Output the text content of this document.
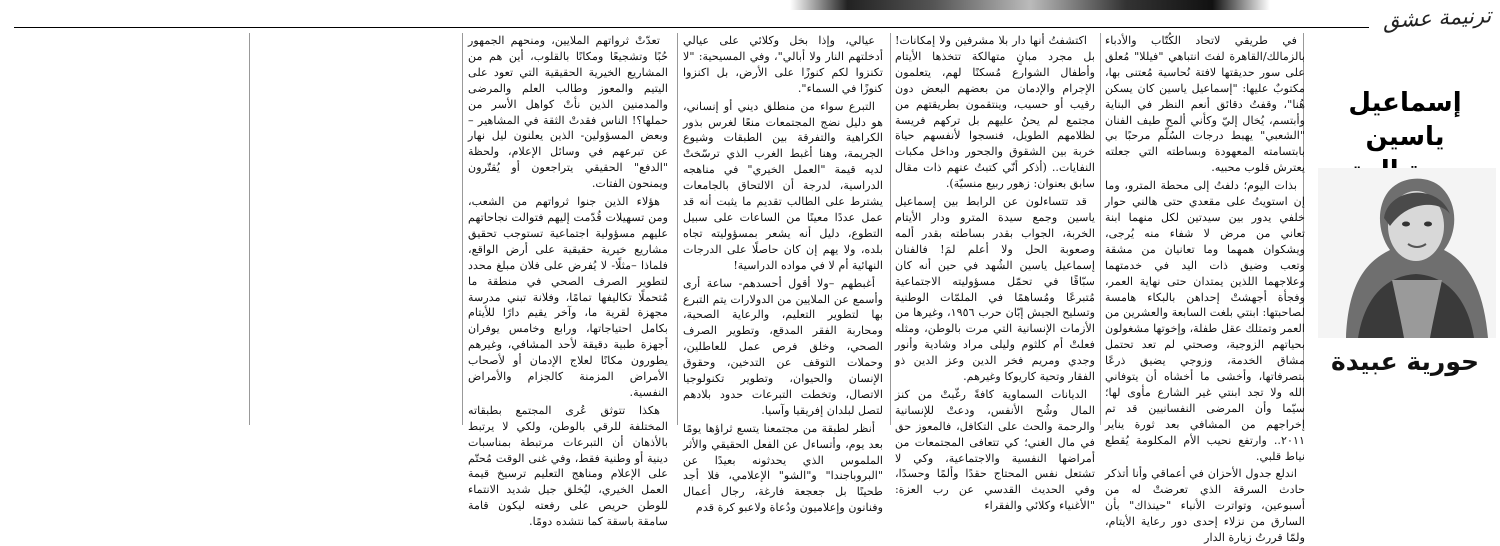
ترنيمة عشق
إسماعيل ياسين
حورية عبيدة

في طريقي لاتحاد الكُتّاب والأدباء بالزمالك/القاهرة لفتَ انتباهي "فيللا" مُعلق على سور حديقتها لافتة نُحاسية مُعتنى بها، مكتوبٌ عليها: "إسماعيل ياسين كان يسكن هُنا"، وقفتُ دقائق أنعم النظر في البناية وأبتسم، يُخال إليّ وكأني ألمح طيف الفنان "الشعبي" يهبط درجات السُلّم مرحبًا بي بابتسامته المعهودة وبساطته التي جعلته يعترش قلوب محبيه.

بذات اليوم؛ دلفتُ إلى محطة المترو، وما إن استويتُ على مقعدي حتى هالني حوار خلفي يدور بين سيدتين لكل منهما ابنة تعاني من مرض لا شفاء منه يُرجى، ويشكوان همهما وما تعانيان من مشقة وتعب وضيق ذات اليد في خدمتهما وعلاجهما اللذين يمتدان حتى نهاية العمر، وفجأة أجهشتْ إحداهن بالبكاء هامسة لصاحبتها: ابنتي بلغت السابعة والعشرين من العمر وتمتلك عقل طفلة، وإخوتها مشغولون بحياتهم الزوجية، وصحتي لم تعد تحتمل مشاق الخدمة، وزوجي يضيق ذرعًا بتصرفاتها، وأخشى ما أخشاه أن يتوفاني الله ولا تجد ابنتي غير الشارع مأوى لها؛ سيّما وأن المرضى النفسانيين قد تم إخراجهم من المشافي بعد ثورة يناير ٢٠١١.. وارتفع نحيب الأم المكلومة يُقطع نياط قلبي.

اندلع جدول الأحزان في أعماقي وأنا أتذكر حادث السرقة الذي تعرضتْ له من أسبوعين، وتواترت الأنباء "حينذاك" بأن السارق من نزلاء إحدى دور رعاية الأيتام، ولمّا قررتُ زيارة الدار

اكتشفتُ أنها دار بلا مشرفين ولا إمكانات! بل مجرد مبانٍ متهالكة تتخذها الأيتام وأطفال الشوارع مُسكنًا لهم، يتعلمون الإجرام والإدمان من بعضهم البعض دون رقيب أو حسيب، وينتقمون بطريقتهم من مجتمع لم يحنُ عليهم بل تركهم فريسة لظلامهم الطويل، فنسجوا لأنفسهم حياة خربة بين الشقوق والجحور وداخل مكبات النفايات.. (أذكر أنّي كتبتُ عنهم ذات مقال سابق بعنوان: زهور ربيع منسيّة).

قد تتساءلون عن الرابط بين إسماعيل ياسين وجمع سيدة المترو ودار الأيتام الخربة، الجواب بقدر بساطته بقدر ألمه وصعوبة الحل ولا أعلم لمَ! فالفنان إسماعيل ياسين الشُهد في حين أنه كان سبّاقًا في تحمّل مسؤوليته الاجتماعية مُتبرعًا ومُساهمًا في الملمّات الوطنية وتسليح الجيش إبّان حرب ١٩٥٦، وغيرها من الأزمات الإنسانية التي مرت بالوطن، ومثله فعلتْ أم كلثوم وليلى مراد وشادية وأنور وجدي ومريم فخر الدين وعز الدين ذو الفقار وتحية كاريوكا وغيرهم.

الديانات السماوية كافةً رغّبتْ من كنز المال وشُح الأنفس، ودعتْ للإنسانية والرحمة والحث على التكافل، فالمعوز حق في مال الغني؛ كي تتعافى المجتمعات من أمراضها النفسية والاجتماعية، وكي لا تشتعل نفس المحتاج حقدًا وألمًا وحسدًا، وفي الحديث القدسي عن رب العزة: "الأغنياء وكلائي والفقراء

عيالي، وإذا بخل وكلائي على عيالي أدخلتهم النار ولا أبالي"، وفي المسيحية: "لا تكنزوا لكم كنوزًا على الأرض، بل اكنزوا كنوزًا في السماء".

التبرع سواء من منطلق ديني أو إنساني، هو دليل نضج المجتمعات منعًا لغرس بذور الكراهية والتفرقة بين الطبقات وشيوع الجريمة، وهنا أغبط الغرب الذي ترسّختْ لديه قيمة "العمل الخيري" في مناهجه الدراسية، لدرجة أن الالتحاق بالجامعات يشترط على الطالب تقديم ما يثبت أنه قد عمل عددًا معينًا من الساعات على سبيل التطوع، دليل أنه يشعر بمسؤوليته تجاه بلده، ولا يهم إن كان حاصلًا على الدرجات النهائية أم لا في مواده الدراسية!

أغبطهم –ولا أقول أحسدهم- ساعة أرى وأسمع عن الملايين من الدولارات يتم التبرع بها لتطوير التعليم، والرعاية الصحية، ومحاربة الفقر المدقع، وتطوير الصرف الصحي، وخلق فرص عمل للعاطلين، وحملات التوقف عن التدخين، وحقوق الإنسان والحيوان، وتطوير تكنولوجيا الاتصال، وتخطت التبرعات حدود بلادهم لتصل لبلدان إفريقيا وآسيا.

أنظر لطبقة من مجتمعنا يتسع ثراؤها يومًا بعد يوم، وأتساءل عن الفعل الحقيقي والأثر الملموس الذي يحدثونه بعيدًا عن "البروباجندا" و"الشو" الإعلامي، فلا أجد طحينًا بل جعجعة فارغة، رجال أعمال وفنانون وإعلاميون ودُعاة ولاعبو كرة قدم

تعدّتْ ثرواتهم الملايين، ومنحهم الجمهور حُبًا وتشجيعًا ومكانًا بالقلوب، أين هم من المشاريع الخيرية الحقيقية التي تعود على اليتيم والمعوز وطالب العلم والمرضى والمدمنين الذين نأتْ كواهل الأسر من حملها؟! الناس فقدتْ الثقة في المشاهير –وبعض المسؤولين- الذين يعلنون ليل نهار عن تبرعهم في وسائل الإعلام، ولحظة "الدفع" الحقيقي يتراجعون أو يُقتّرون ويمنحون الفتات.

هؤلاء الذين جنوا ثرواتهم من الشعب، ومن تسهيلات قُدّمت إليهم فتوالت نجاحاتهم عليهم مسؤولية اجتماعية تستوجب تحقيق مشاريع خيرية حقيقية على أرض الواقع، فلماذا –مثلًا- لا يُفرض على فلان مبلغ محدد لتطوير الصرف الصحي في منطقة ما مُتحملًا تكاليفها تمامًا، وفلانة تبني مدرسة مجهزة لقرية ما، وآخر يقيم دارًا للأيتام بكامل احتياجاتها، ورابع وخامس يوفران أجهزة طبية دقيقة لأحد المشافي، وغيرهم يطورون مكانًا لعلاج الإدمان أو لأصحاب الأمراض المزمنة كالجزام والأمراض النفسية.

هكذا تتوثق عُرى المجتمع بطبقاته المختلفة للرقي بالوطن، ولكي لا يرتبط بالأذهان أن التبرعات مرتبطة بمناسبات دينية أو وطنية فقط، وفي غنى الوقت مُحتّم على الإعلام ومناهج التعليم ترسيخ قيمة العمل الخيري، ليُخلق جيل شديد الانتماء للوطن حريص على رفعته ليكون قامة سامقة باسقة كما نتشده دومًا.
